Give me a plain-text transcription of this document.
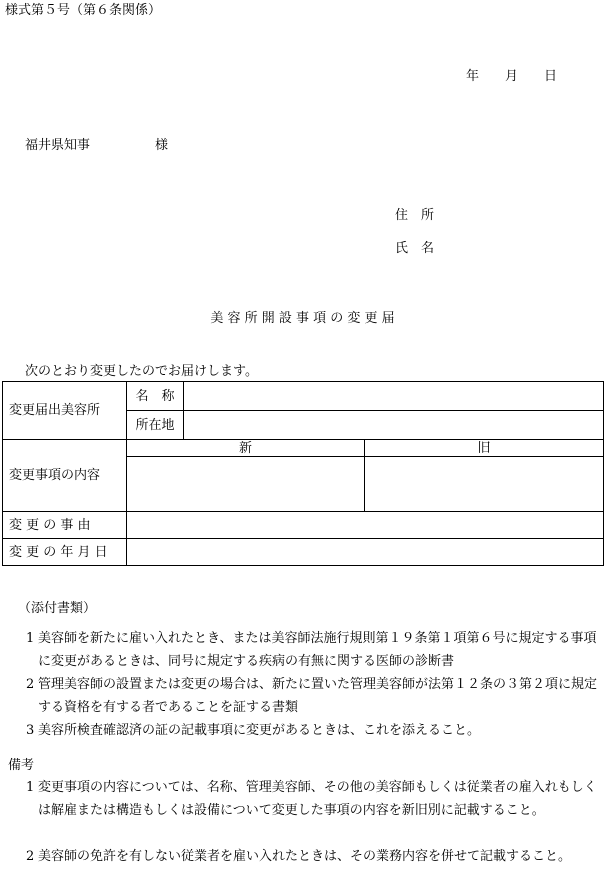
様式第５号（第６条関係）
年　　月　　日
福井県知事	様
住　所
氏　名
美 容 所 開 設 事 項 の 変 更 届
次のとおり変更したのでお届けします。
変更届出美容所	名　称		
	所在地		
変更事項の内容	新		旧

変 更 の 事 由			
変 更 の 年 月 日			
（添付書類）
1 美容師を新たに雇い入れたとき、または美容師法施行規則第１９条第１項第６号に規定する事項に変更があるときは、同号に規定する疾病の有無に関する医師の診断書
2 管理美容師の設置または変更の場合は、新たに置いた管理美容師が法第１２条の３第２項に規定する資格を有する者であることを証する書類
3 美容所検査確認済の証の記載事項に変更があるときは、これを添えること。
備考
1 変更事項の内容については、名称、管理美容師、その他の美容師もしくは従業者の雇入れもしくは解雇または構造もしくは設備について変更した事項の内容を新旧別に記載すること。
2 美容師の免許を有しない従業者を雇い入れたときは、その業務内容を併せて記載すること。
